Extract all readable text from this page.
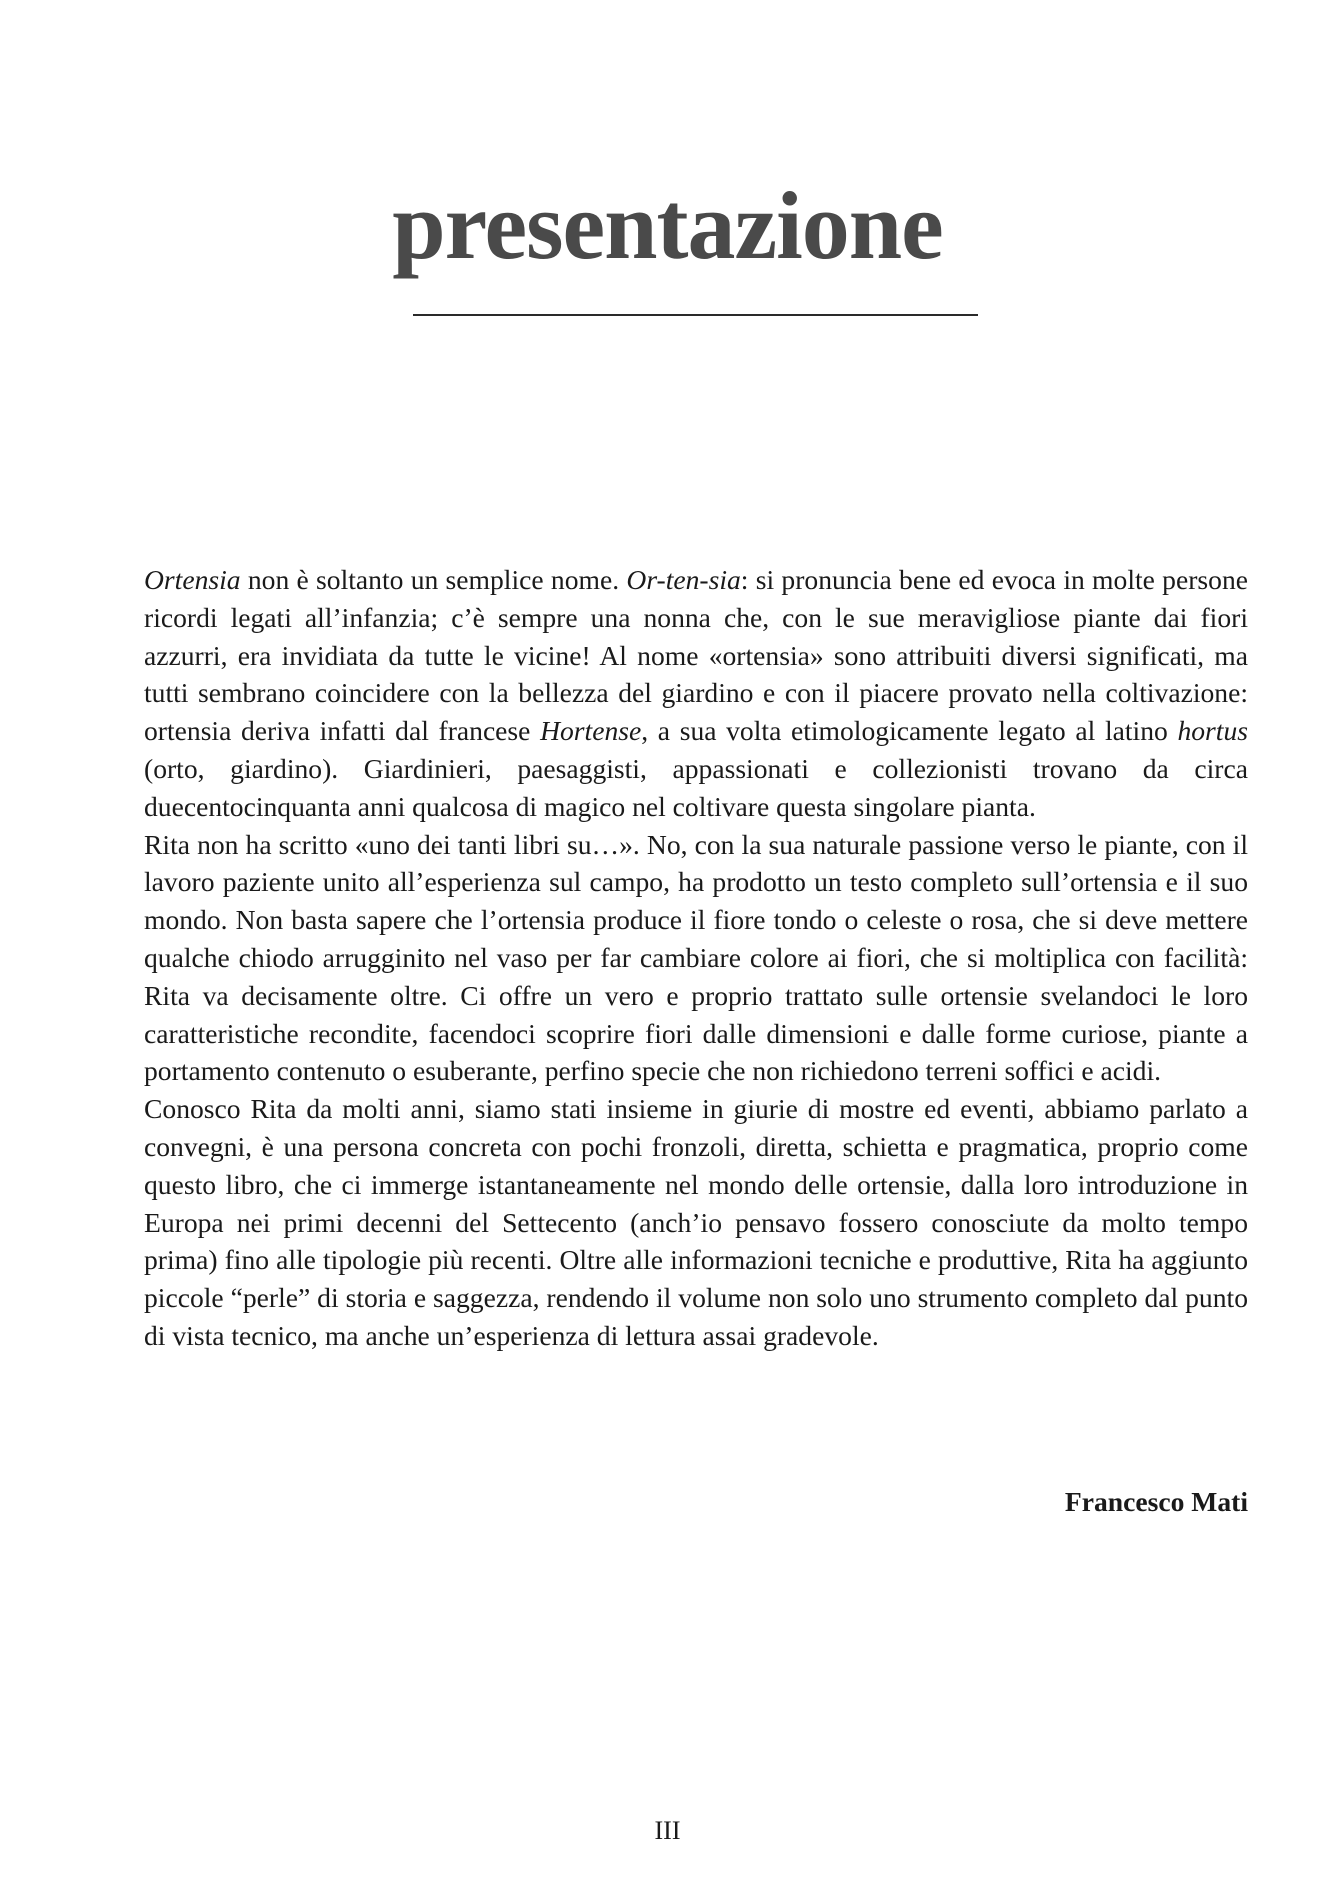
presentazione

Ortensia non è soltanto un semplice nome. Or-ten-sia: si pronuncia bene ed evoca in molte persone ricordi legati all’infanzia; c’è sempre una nonna che, con le sue meravigliose piante dai fiori azzurri, era invidiata da tutte le vicine! Al nome «ortensia» sono attribuiti diversi significati, ma tutti sembrano coincidere con la bellezza del giardino e con il piacere provato nella coltivazione: ortensia deriva infatti dal francese Hortense, a sua volta etimologicamente legato al latino hortus (orto, giardino). Giardinieri, paesaggisti, appassionati e collezionisti trovano da circa duecentocinquanta anni qualcosa di magico nel coltivare questa singolare pianta.

Rita non ha scritto «uno dei tanti libri su…». No, con la sua naturale passione verso le piante, con il lavoro paziente unito all’esperienza sul campo, ha prodotto un testo completo sull’ortensia e il suo mondo. Non basta sapere che l’ortensia produce il fiore tondo o celeste o rosa, che si deve mettere qualche chiodo arrugginito nel vaso per far cambiare colore ai fiori, che si moltiplica con facilità: Rita va decisamente oltre. Ci offre un vero e proprio trattato sulle ortensie svelandoci le loro caratteristiche recondite, facendoci scoprire fiori dalle dimensioni e dalle forme curiose, piante a portamento contenuto o esuberante, perfino specie che non richiedono terreni soffici e acidi.

Conosco Rita da molti anni, siamo stati insieme in giurie di mostre ed eventi, abbiamo parlato a convegni, è una persona concreta con pochi fronzoli, diretta, schietta e pragmatica, proprio come questo libro, che ci immerge istantaneamente nel mondo delle ortensie, dalla loro introduzione in Europa nei primi decenni del Settecento (anch’io pensavo fossero conosciute da molto tempo prima) fino alle tipologie più recenti. Oltre alle informazioni tecniche e produttive, Rita ha aggiunto piccole “perle” di storia e saggezza, rendendo il volume non solo uno strumento completo dal punto di vista tecnico, ma anche un’esperienza di lettura assai gradevole.

Francesco Mati
III
